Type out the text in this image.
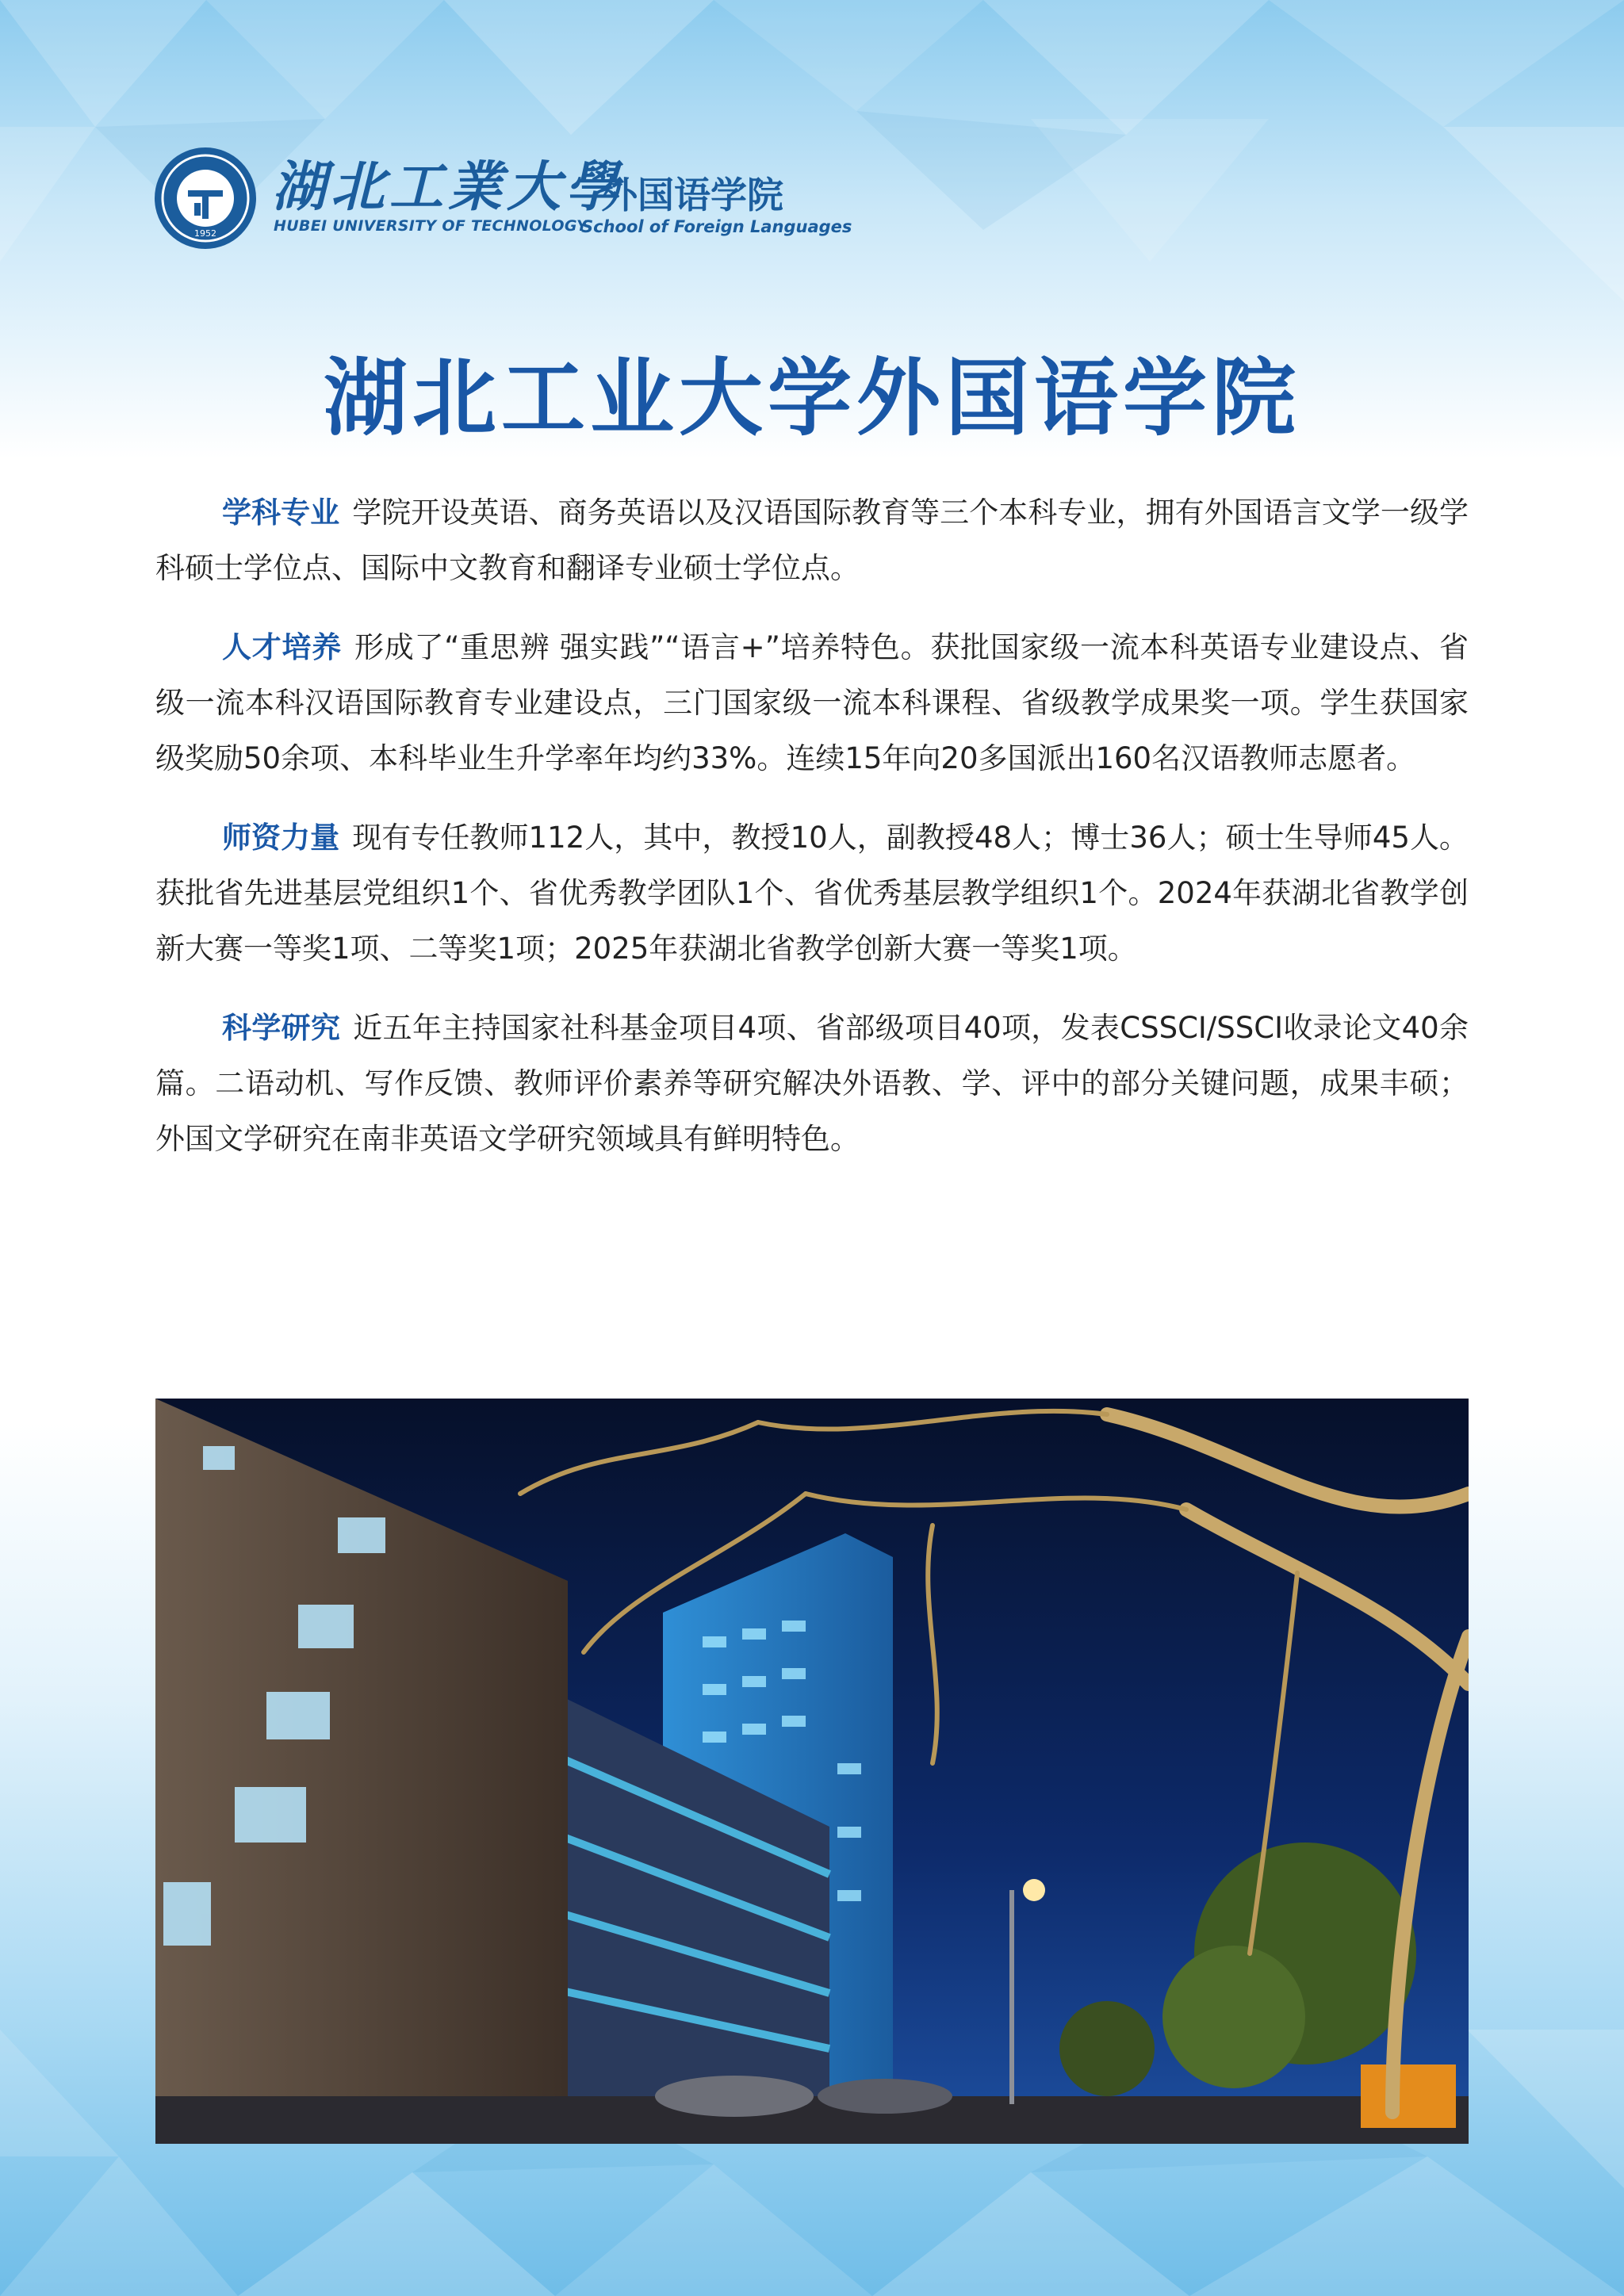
1952
湖北工業大學
HUBEI UNIVERSITY OF TECHNOLOGY
外国语学院
School of Foreign Languages
湖北工业大学外国语学院

学科专业 学院开设英语、商务英语以及汉语国际教育等三个本科专业，拥有外国语言文学一级学科硕士学位点、国际中文教育和翻译专业硕士学位点。

人才培养 形成了“重思辨 强实践”“语言+”培养特色。获批国家级一流本科英语专业建设点、省级一流本科汉语国际教育专业建设点，三门国家级一流本科课程、省级教学成果奖一项。学生获国家级奖励50余项、本科毕业生升学率年均约33%。连续15年向20多国派出160名汉语教师志愿者。

师资力量 现有专任教师112人，其中，教授10人，副教授48人；博士36人；硕士生导师45人。获批省先进基层党组织1个、省优秀教学团队1个、省优秀基层教学组织1个。2024年获湖北省教学创新大赛一等奖1项、二等奖1项；2025年获湖北省教学创新大赛一等奖1项。

科学研究 近五年主持国家社科基金项目4项、省部级项目40项，发表CSSCI/SSCI收录论文40余篇。二语动机、写作反馈、教师评价素养等研究解决外语教、学、评中的部分关键问题，成果丰硕；外国文学研究在南非英语文学研究领域具有鲜明特色。
